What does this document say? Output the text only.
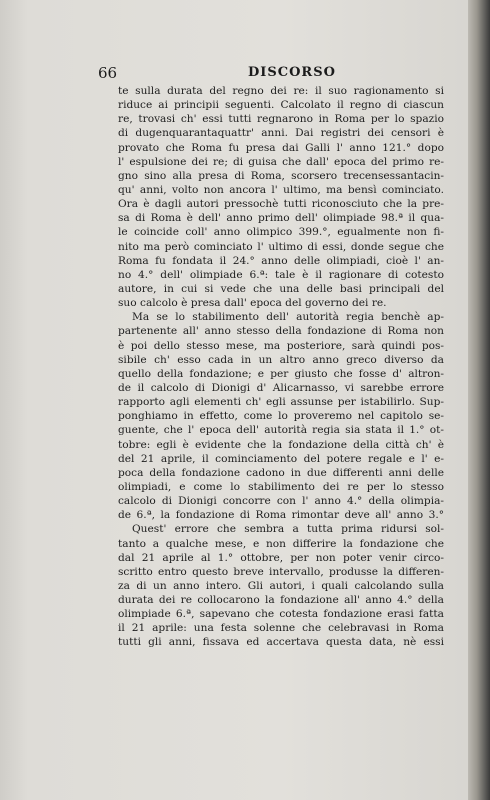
66	DISCORSO
te sulla durata del regno dei re: il suo ragionamento si
riduce ai principii seguenti. Calcolato il regno di ciascun
re, trovasi ch' essi tutti regnarono in Roma per lo spazio
di dugenquarantaquattr' anni. Dai registri dei censori è
provato che Roma fu presa dai Galli l' anno 121.° dopo
l' espulsione dei re; di guisa che dall' epoca del primo re-
gno sino alla presa di Roma, scorsero trecensessantacin-
qu' anni, volto non ancora l' ultimo, ma bensì cominciato.
Ora è dagli autori pressochè tutti riconosciuto che la pre-
sa di Roma è dell' anno primo dell' olimpiade 98.ª il qua-
le coincide coll' anno olimpico 399.°, egualmente non fi-
nito ma però cominciato l' ultimo di essi, donde segue che
Roma fu fondata il 24.° anno delle olimpiadi, cioè l' an-
no 4.° dell' olimpiade 6.ª: tale è il ragionare di cotesto
autore, in cui si vede che una delle basi principali del
suo calcolo è presa dall' epoca del governo dei re.
Ma se lo stabilimento dell' autorità regia benchè ap-
partenente all' anno stesso della fondazione di Roma non
è poi dello stesso mese, ma posteriore, sarà quindi pos-
sibile ch' esso cada in un altro anno greco diverso da
quello della fondazione; e per giusto che fosse d' altron-
de il calcolo di Dionigi d' Alicarnasso, vi sarebbe errore
rapporto agli elementi ch' egli assunse per istabilirlo. Sup-
ponghiamo in effetto, come lo proveremo nel capitolo se-
guente, che l' epoca dell' autorità regia sia stata il 1.° ot-
tobre: egli è evidente che la fondazione della città ch' è
del 21 aprile, il cominciamento del potere regale e l' e-
poca della fondazione cadono in due differenti anni delle
olimpiadi, e come lo stabilimento dei re per lo stesso
calcolo di Dionigi concorre con l' anno 4.° della olimpia-
de 6.ª, la fondazione di Roma rimontar deve all' anno 3.°
Quest' errore che sembra a tutta prima ridursi sol-
tanto a qualche mese, e non differire la fondazione che
dal 21 aprile al 1.° ottobre, per non poter venir circo-
scritto entro questo breve intervallo, produsse la differen-
za di un anno intero. Gli autori, i quali calcolando sulla
durata dei re collocarono la fondazione all' anno 4.° della
olimpiade 6.ª, sapevano che cotesta fondazione erasi fatta
il 21 aprile: una festa solenne che celebravasi in Roma
tutti gli anni, fissava ed accertava questa data, nè essi
